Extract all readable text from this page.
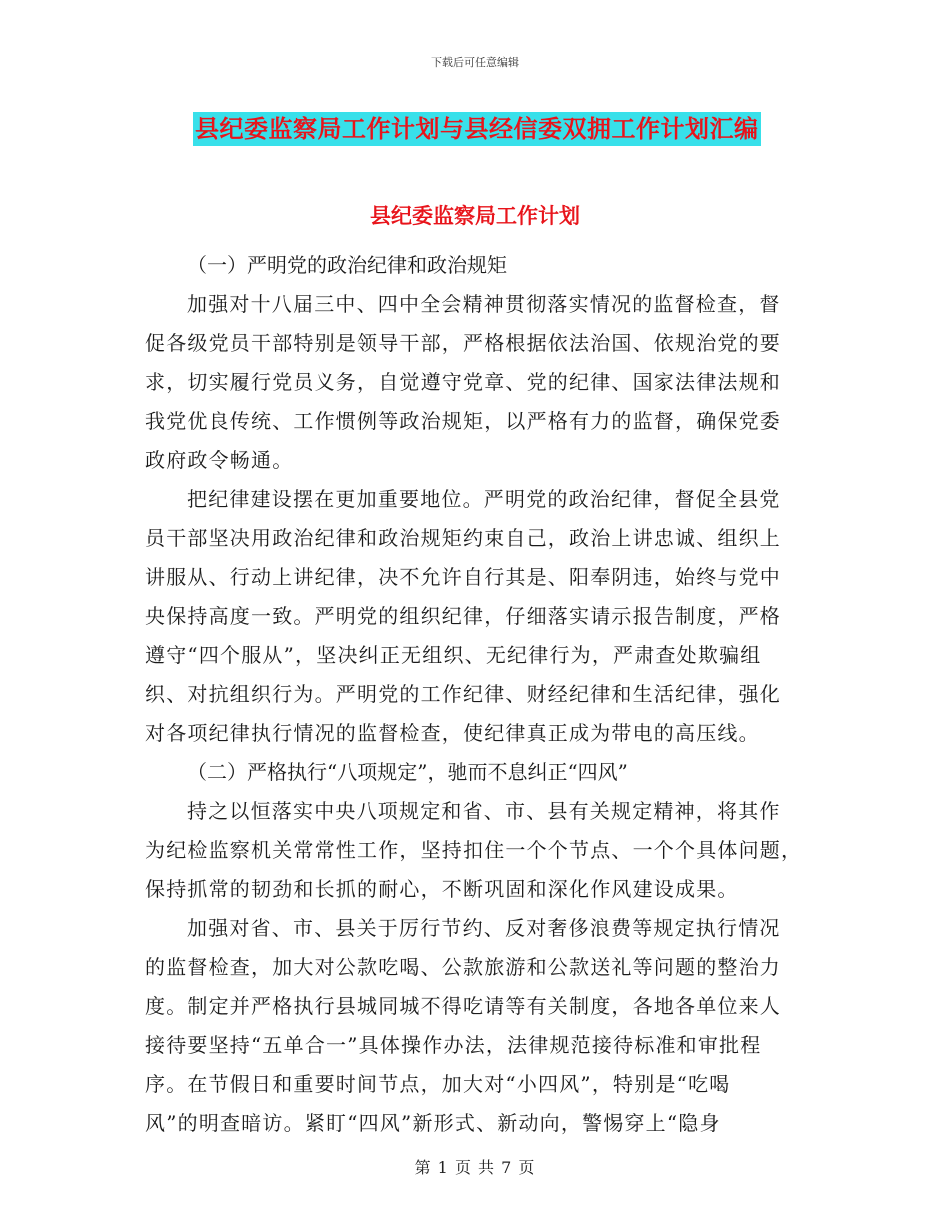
下载后可任意编辑
县纪委监察局工作计划与县经信委双拥工作计划汇编
县纪委监察局工作计划

（一）严明党的政治纪律和政治规矩

加强对十八届三中、四中全会精神贯彻落实情况的监督检查，督
促各级党员干部特别是领导干部，严格根据依法治国、依规治党的要
求，切实履行党员义务，自觉遵守党章、党的纪律、国家法律法规和
我党优良传统、工作惯例等政治规矩，以严格有力的监督，确保党委
政府政令畅通。

把纪律建设摆在更加重要地位。严明党的政治纪律，督促全县党
员干部坚决用政治纪律和政治规矩约束自己，政治上讲忠诚、组织上
讲服从、行动上讲纪律，决不允许自行其是、阳奉阴违，始终与党中
央保持高度一致。严明党的组织纪律，仔细落实请示报告制度，严格
遵守“四个服从”，坚决纠正无组织、无纪律行为，严肃查处欺骗组
织、对抗组织行为。严明党的工作纪律、财经纪律和生活纪律，强化
对各项纪律执行情况的监督检查，使纪律真正成为带电的高压线。

（二）严格执行“八项规定”，驰而不息纠正“四风”

持之以恒落实中央八项规定和省、市、县有关规定精神，将其作
为纪检监察机关常常性工作，坚持扣住一个个节点、一个个具体问题，
保持抓常的韧劲和长抓的耐心，不断巩固和深化作风建设成果。

加强对省、市、县关于厉行节约、反对奢侈浪费等规定执行情况
的监督检查，加大对公款吃喝、公款旅游和公款送礼等问题的整治力
度。制定并严格执行县城同城不得吃请等有关制度，各地各单位来人
接待要坚持“五单合一”具体操作办法，法律规范接待标准和审批程
序。在节假日和重要时间节点，加大对“小四风”，特别是“吃喝
风”的明查暗访。紧盯“四风”新形式、新动向，警惕穿上“隐身

第 1 页 共 7 页
